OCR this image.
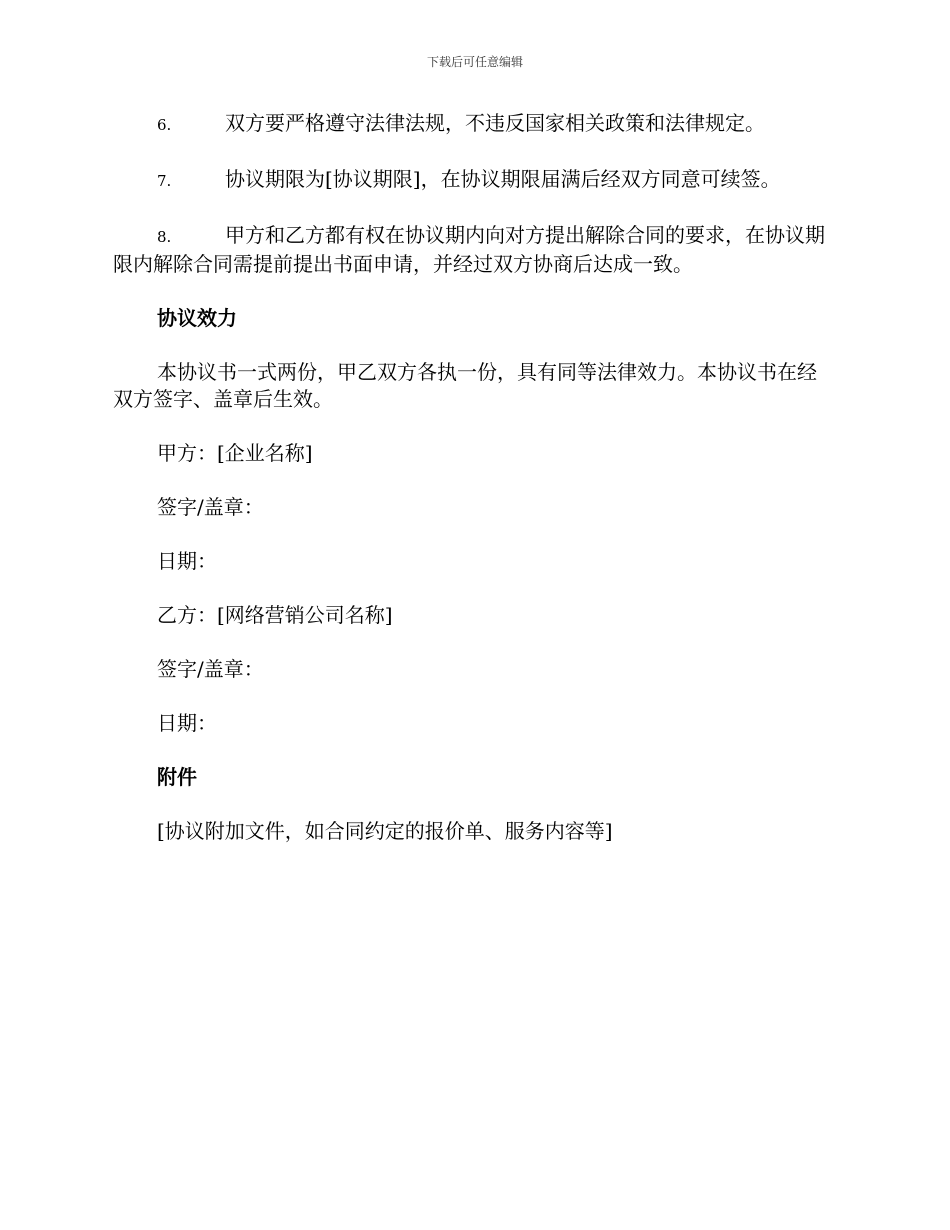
下载后可任意编辑

6.	双方要严格遵守法律法规，不违反国家相关政策和法律规定。

7.	协议期限为[协议期限]，在协议期限届满后经双方同意可续签。

8.	甲方和乙方都有权在协议期内向对方提出解除合同的要求，在协议期限内解除合同需提前提出书面申请，并经过双方协商后达成一致。

协议效力

本协议书一式两份，甲乙双方各执一份，具有同等法律效力。本协议书在经双方签字、盖章后生效。

甲方：[企业名称]

签字/盖章：

日期：

乙方：[网络营销公司名称]

签字/盖章：

日期：

附件

[协议附加文件，如合同约定的报价单、服务内容等]
